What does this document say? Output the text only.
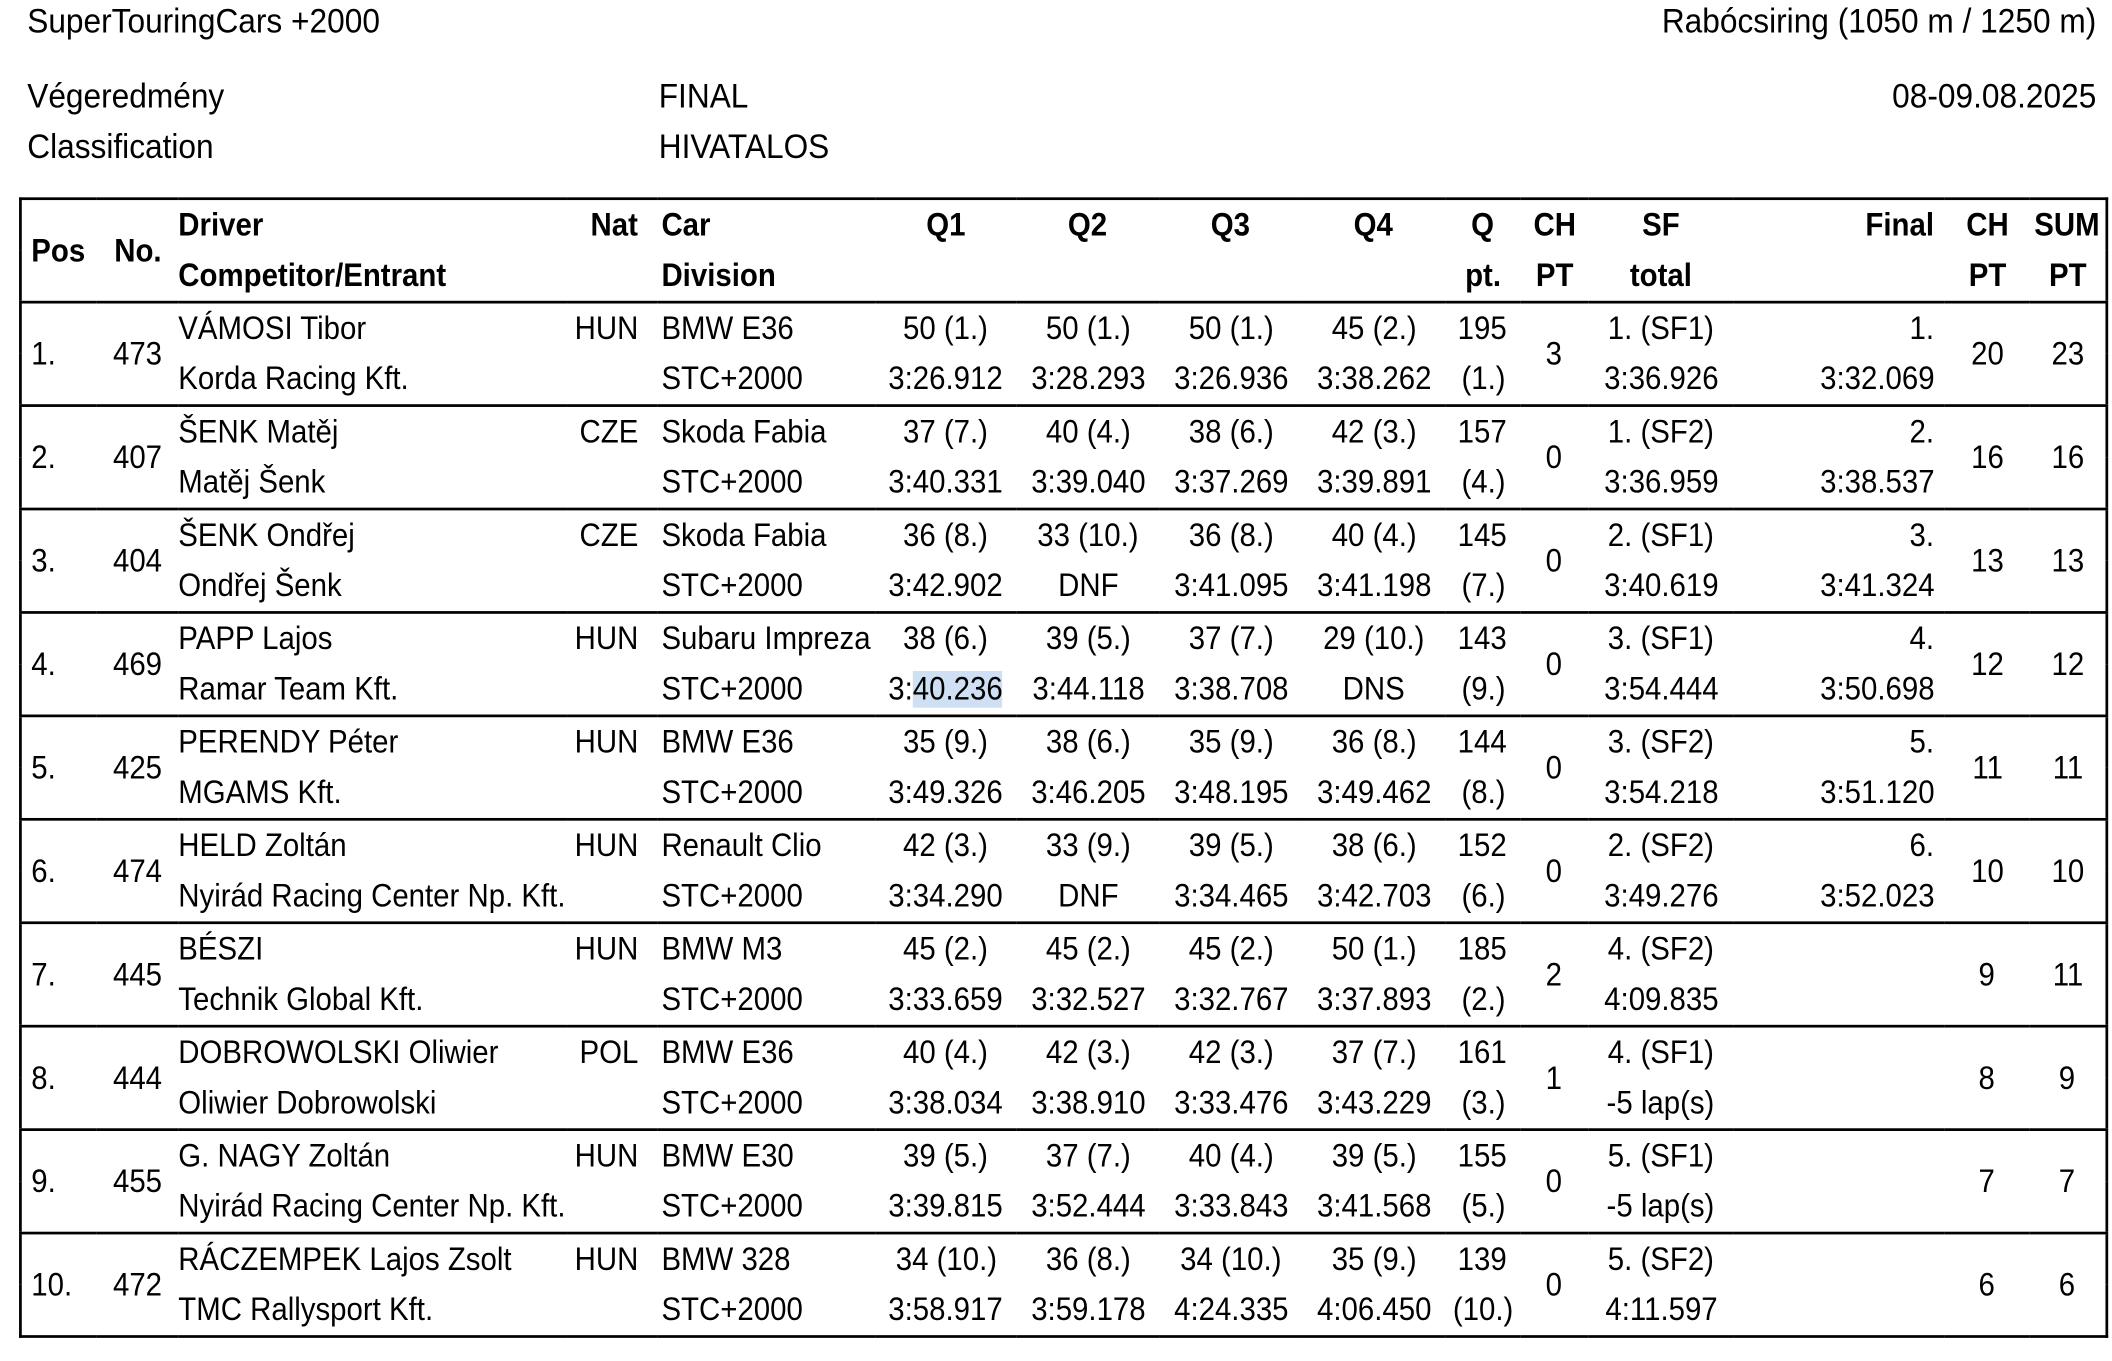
SuperTouringCars +2000	Rabócsiring (1050 m / 1250 m)
Végeredmény
Classification
FINAL
HIVATALOS
08-09.08.2025
Pos	No.	Driver	Nat	Car	Q1	Q2	Q3	Q4	Q	CH	SF	Final	CH	SUM
		Competitor/Entrant		Division					pt.	PT	total		PT	PT
1.	473	VÁMOSI Tibor	HUN	BMW E36	50 (1.)	50 (1.)	50 (1.)	45 (2.)	195	3	1. (SF1)	1.	20	23
		Korda Racing Kft.		STC+2000	3:26.912	3:28.293	3:26.936	3:38.262	(1.)		3:36.926	3:32.069		
2.	407	ŠENK Matěj	CZE	Skoda Fabia	37 (7.)	40 (4.)	38 (6.)	42 (3.)	157	0	1. (SF2)	2.	16	16
		Matěj Šenk		STC+2000	3:40.331	3:39.040	3:37.269	3:39.891	(4.)		3:36.959	3:38.537		
3.	404	ŠENK Ondřej	CZE	Skoda Fabia	36 (8.)	33 (10.)	36 (8.)	40 (4.)	145	0	2. (SF1)	3.	13	13
		Ondřej Šenk		STC+2000	3:42.902	DNF	3:41.095	3:41.198	(7.)		3:40.619	3:41.324		
4.	469	PAPP Lajos	HUN	Subaru Impreza	38 (6.)	39 (5.)	37 (7.)	29 (10.)	143	0	3. (SF1)	4.	12	12
		Ramar Team Kft.		STC+2000	3:40.236	3:44.118	3:38.708	DNS	(9.)		3:54.444	3:50.698		
5.	425	PERENDY Péter	HUN	BMW E36	35 (9.)	38 (6.)	35 (9.)	36 (8.)	144	0	3. (SF2)	5.	11	11
		MGAMS Kft.		STC+2000	3:49.326	3:46.205	3:48.195	3:49.462	(8.)		3:54.218	3:51.120		
6.	474	HELD Zoltán	HUN	Renault Clio	42 (3.)	33 (9.)	39 (5.)	38 (6.)	152	0	2. (SF2)	6.	10	10
		Nyirád Racing Center Np. Kft.		STC+2000	3:34.290	DNF	3:34.465	3:42.703	(6.)		3:49.276	3:52.023		
7.	445	BÉSZI	HUN	BMW M3	45 (2.)	45 (2.)	45 (2.)	50 (1.)	185	2	4. (SF2)		9	11
		Technik Global Kft.		STC+2000	3:33.659	3:32.527	3:32.767	3:37.893	(2.)		4:09.835			
8.	444	DOBROWOLSKI Oliwier	POL	BMW E36	40 (4.)	42 (3.)	42 (3.)	37 (7.)	161	1	4. (SF1)		8	9
		Oliwier Dobrowolski		STC+2000	3:38.034	3:38.910	3:33.476	3:43.229	(3.)		-5 lap(s)			
9.	455	G. NAGY Zoltán	HUN	BMW E30	39 (5.)	37 (7.)	40 (4.)	39 (5.)	155	0	5. (SF1)		7	7
		Nyirád Racing Center Np. Kft.		STC+2000	3:39.815	3:52.444	3:33.843	3:41.568	(5.)		-5 lap(s)			
10.	472	RÁCZEMPEK Lajos Zsolt	HUN	BMW 328	34 (10.)	36 (8.)	34 (10.)	35 (9.)	139	0	5. (SF2)		6	6
		TMC Rallysport Kft.		STC+2000	3:58.917	3:59.178	4:24.335	4:06.450	(10.)		4:11.597			
